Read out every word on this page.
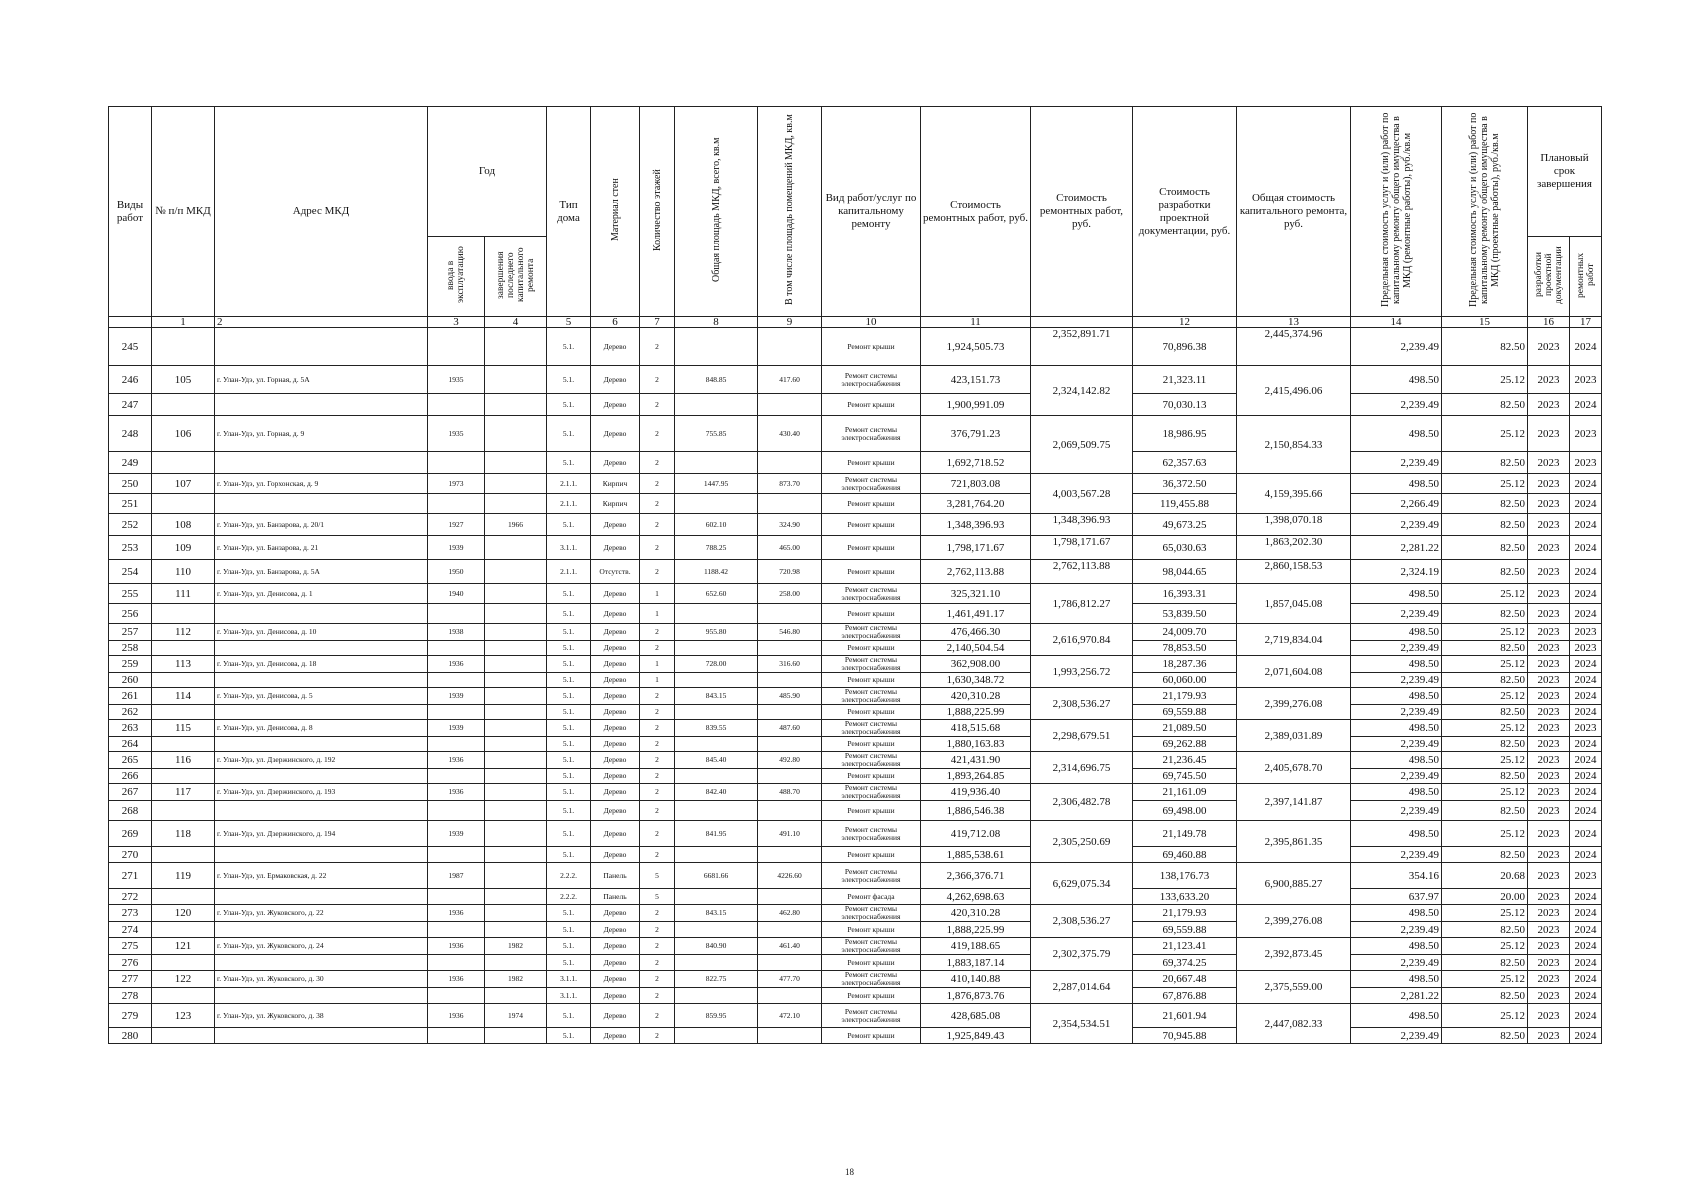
Виды работ	№ п/п МКД	Адрес МКД	Год		Тип дома	Материал стен	Количество этажей	Общая площадь МКД, всего, кв.м	В том числе площадь помещений МКД, кв.м	Вид работ/услуг по капитальному ремонту	Стоимость ремонтных работ, руб.	Стоимость ремонтных работ, руб.	Стоимость разработки проектной документации, руб.	Общая стоимость капитального ремонта, руб.	Предельная стоимость услуг и (или) работ по капитальному ремонту общего имущества в МКД (ремонтные работы), руб./кв.м	Предельная стоимость услуг и (или) работ по капитальному ремонту общего имущества в МКД (проектные работы), руб./кв.м	Плановый срок завершения	
			ввода в эксплуатацию	завершения последнего капитального ремонта													разработки проектной документации	ремонтных работ
	1	2	3	4	5	6	7	8	9	10	11		12	13	14	15	16	17
245					5.1.	Дерево	2			Ремонт крыши	1,924,505.73	2,352,891.71	70,896.38	2,445,374.96	2,239.49	82.50	2023	2024
246	105	г. Улан-Удэ, ул. Горная, д. 5А	1935		5.1.	Дерево	2	848.85	417.60	Ремонт системы электроснабжения	423,151.73	2,324,142.82	21,323.11	2,415,496.06	498.50	25.12	2023	2023
247					5.1.	Дерево	2			Ремонт крыши	1,900,991.09		70,030.13		2,239.49	82.50	2023	2024
248	106	г. Улан-Удэ, ул. Горная, д. 9	1935		5.1.	Дерево	2	755.85	430.40	Ремонт системы электроснабжения	376,791.23	2,069,509.75	18,986.95	2,150,854.33	498.50	25.12	2023	2023
249					5.1.	Дерево	2			Ремонт крыши	1,692,718.52		62,357.63		2,239.49	82.50	2023	2023
250	107	г. Улан-Удэ, ул. Горхонская, д. 9	1973		2.1.1.	Кирпич	2	1447.95	873.70	Ремонт системы электроснабжения	721,803.08	4,003,567.28	36,372.50	4,159,395.66	498.50	25.12	2023	2024
251					2.1.1.	Кирпич	2			Ремонт крыши	3,281,764.20		119,455.88		2,266.49	82.50	2023	2024
252	108	г. Улан-Удэ, ул. Банзарова, д. 20/1	1927	1966	5.1.	Дерево	2	602.10	324.90	Ремонт крыши	1,348,396.93	1,348,396.93	49,673.25	1,398,070.18	2,239.49	82.50	2023	2024
253	109	г. Улан-Удэ, ул. Банзарова, д. 21	1939		3.1.1.	Дерево	2	788.25	465.00	Ремонт крыши	1,798,171.67	1,798,171.67	65,030.63	1,863,202.30	2,281.22	82.50	2023	2024
254	110	г. Улан-Удэ, ул. Банзарова, д. 5А	1950		2.1.1.	Отсутств.	2	1188.42	720.98	Ремонт крыши	2,762,113.88	2,762,113.88	98,044.65	2,860,158.53	2,324.19	82.50	2023	2024
255	111	г. Улан-Удэ, ул. Денисова, д. 1	1940		5.1.	Дерево	1	652.60	258.00	Ремонт системы электроснабжения	325,321.10	1,786,812.27	16,393.31	1,857,045.08	498.50	25.12	2023	2024
256					5.1.	Дерево	1			Ремонт крыши	1,461,491.17		53,839.50		2,239.49	82.50	2023	2024
257	112	г. Улан-Удэ, ул. Денисова, д. 10	1938		5.1.	Дерево	2	955.80	546.80	Ремонт системы электроснабжения	476,466.30	2,616,970.84	24,009.70	2,719,834.04	498.50	25.12	2023	2023
258					5.1.	Дерево	2			Ремонт крыши	2,140,504.54		78,853.50		2,239.49	82.50	2023	2023
259	113	г. Улан-Удэ, ул. Денисова, д. 18	1936		5.1.	Дерево	1	728.00	316.60	Ремонт системы электроснабжения	362,908.00	1,993,256.72	18,287.36	2,071,604.08	498.50	25.12	2023	2024
260					5.1.	Дерево	1			Ремонт крыши	1,630,348.72		60,060.00		2,239.49	82.50	2023	2024
261	114	г. Улан-Удэ, ул. Денисова, д. 5	1939		5.1.	Дерево	2	843.15	485.90	Ремонт системы электроснабжения	420,310.28	2,308,536.27	21,179.93	2,399,276.08	498.50	25.12	2023	2024
262					5.1.	Дерево	2			Ремонт крыши	1,888,225.99		69,559.88		2,239.49	82.50	2023	2024
263	115	г. Улан-Удэ, ул. Денисова, д. 8	1939		5.1.	Дерево	2	839.55	487.60	Ремонт системы электроснабжения	418,515.68	2,298,679.51	21,089.50	2,389,031.89	498.50	25.12	2023	2023
264					5.1.	Дерево	2			Ремонт крыши	1,880,163.83		69,262.88		2,239.49	82.50	2023	2024
265	116	г. Улан-Удэ, ул. Дзержинского, д. 192	1936		5.1.	Дерево	2	845.40	492.80	Ремонт системы электроснабжения	421,431.90	2,314,696.75	21,236.45	2,405,678.70	498.50	25.12	2023	2024
266					5.1.	Дерево	2			Ремонт крыши	1,893,264.85		69,745.50		2,239.49	82.50	2023	2024
267	117	г. Улан-Удэ, ул. Дзержинского, д. 193	1936		5.1.	Дерево	2	842.40	488.70	Ремонт системы электроснабжения	419,936.40	2,306,482.78	21,161.09	2,397,141.87	498.50	25.12	2023	2024
268					5.1.	Дерево	2			Ремонт крыши	1,886,546.38		69,498.00		2,239.49	82.50	2023	2024
269	118	г. Улан-Удэ, ул. Дзержинского, д. 194	1939		5.1.	Дерево	2	841.95	491.10	Ремонт системы электроснабжения	419,712.08	2,305,250.69	21,149.78	2,395,861.35	498.50	25.12	2023	2024
270					5.1.	Дерево	2			Ремонт крыши	1,885,538.61		69,460.88		2,239.49	82.50	2023	2024
271	119	г. Улан-Удэ, ул. Ермаковская, д. 22	1987		2.2.2.	Панель	5	6681.66	4226.60	Ремонт системы электроснабжения	2,366,376.71	6,629,075.34	138,176.73	6,900,885.27	354.16	20.68	2023	2023
272					2.2.2.	Панель	5			Ремонт фасада	4,262,698.63		133,633.20		637.97	20.00	2023	2024
273	120	г. Улан-Удэ, ул. Жуковского, д. 22	1936		5.1.	Дерево	2	843.15	462.80	Ремонт системы электроснабжения	420,310.28	2,308,536.27	21,179.93	2,399,276.08	498.50	25.12	2023	2024
274					5.1.	Дерево	2			Ремонт крыши	1,888,225.99		69,559.88		2,239.49	82.50	2023	2024
275	121	г. Улан-Удэ, ул. Жуковского, д. 24	1936	1982	5.1.	Дерево	2	840.90	461.40	Ремонт системы электроснабжения	419,188.65	2,302,375.79	21,123.41	2,392,873.45	498.50	25.12	2023	2024
276					5.1.	Дерево	2			Ремонт крыши	1,883,187.14		69,374.25		2,239.49	82.50	2023	2024
277	122	г. Улан-Удэ, ул. Жуковского, д. 30	1936	1982	3.1.1.	Дерево	2	822.75	477.70	Ремонт системы электроснабжения	410,140.88	2,287,014.64	20,667.48	2,375,559.00	498.50	25.12	2023	2024
278					3.1.1.	Дерево	2			Ремонт крыши	1,876,873.76		67,876.88		2,281.22	82.50	2023	2024
279	123	г. Улан-Удэ, ул. Жуковского, д. 38	1936	1974	5.1.	Дерево	2	859.95	472.10	Ремонт системы электроснабжения	428,685.08	2,354,534.51	21,601.94	2,447,082.33	498.50	25.12	2023	2024
280					5.1.	Дерево	2			Ремонт крыши	1,925,849.43		70,945.88		2,239.49	82.50	2023	2024
18
